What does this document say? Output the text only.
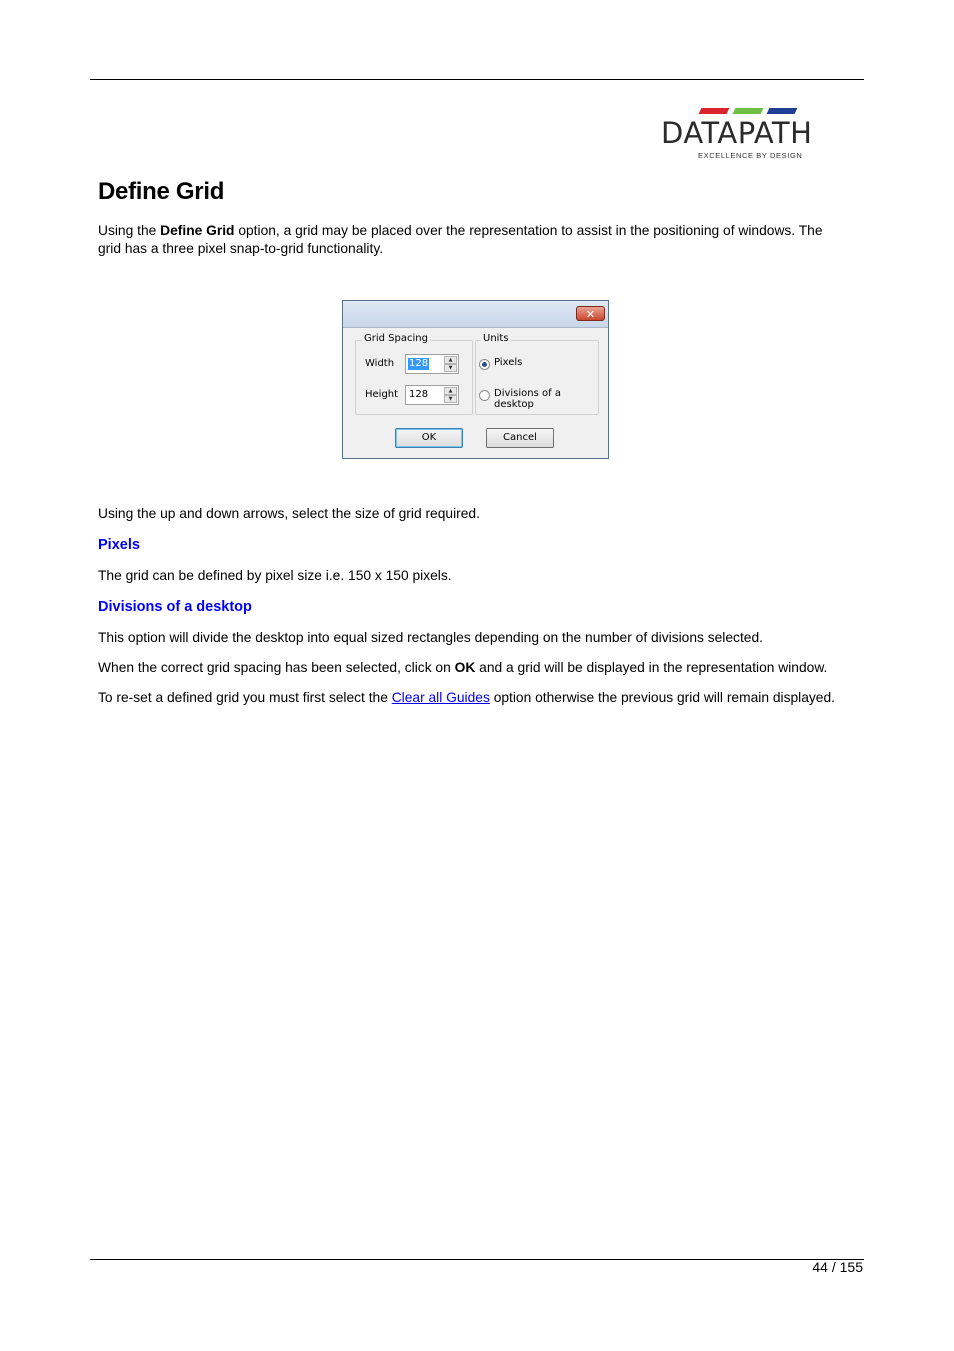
DATAPATH
EXCELLENCE BY DESIGN
Define Grid

Using the Define Grid option, a grid may be placed over the representation to assist in the positioning of windows. The grid has a three pixel snap-to-grid functionality.

✕
Grid Spacing
Width 128	▲
▼
Height 128	▲
▼
Units
Pixels
Divisions of a desktop
OK	Cancel

Using the up and down arrows, select the size of grid required.

Pixels

The grid can be defined by pixel size i.e. 150 x 150 pixels.

Divisions of a desktop

This option will divide the desktop into equal sized rectangles depending on the number of divisions selected.

When the correct grid spacing has been selected, click on OK and a grid will be displayed in the representation window.

To re-set a defined grid you must first select the Clear all Guides option otherwise the previous grid will remain displayed.

44 / 155
